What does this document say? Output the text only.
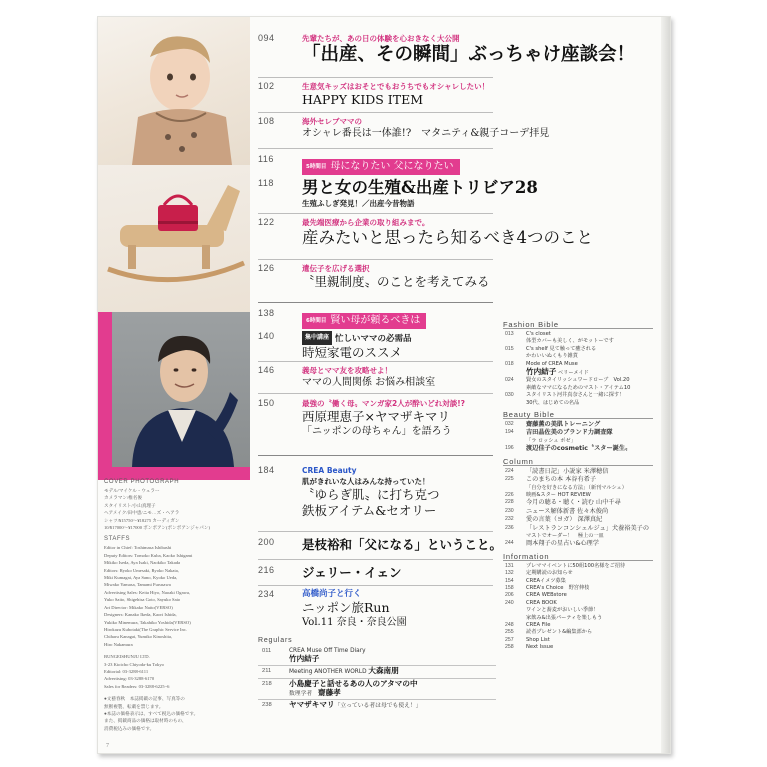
COVER PHOTOGRAPH
モデル/マイケル・ウェラー
カメラマン/椎名俊
スタイリスト/小山真理子
ヘアメイク/田中恵/ニモ…ズ・ヘアラ
シャツ/¥15750〜¥18275 カーディガン
10/¥17000〜¥17000 ポンポアン(ポンポアンジャパン)
STAFFS
Editor in Chief: Toshimasa Ishibashi
Deputy Editors: Tomoko Kuba, Kaoko Ishigami
Mikiko Iseda, Aya Isaki, Naokiko Takada
Editors: Ryoko Umesaki, Ryoko Nakata,
Miki Kumagai, Aya Sano, Kyoko Ueda,
Miwako Yamasa, Tamami Furusawa
Advertising Sales: Keita Hiyo, Naoaki Ogawa,
Yuko Saito, Shigehisa Goto, Sayuko Saio
Art Director: Mikako Naito(VERSO)
Designers: Kanako Ikeda, Kaori Ishida,
Yukiko Minemura, Takahiko Yoshida(VERSO)
Hirokazu Kubotaki(The Graphic Service Inc.
Chiharu Kanagai, Yumiko Kinoshita,
Hiro Nakamura
BUNGEISHUNJU LTD.
3-23 Kioicho Chiyoda-ku Tokyo
Editorial: 03-3288-6111
Advertising: 03-3288-6170
Sales for Readers: 03-3288-6225~6
●文藝春秋　本誌掲載の記事、写真等の
無断複製、転載を禁じます。
●本誌の価格表示は、すべて税込の価格です。
また、掲載商品の価格は取材時のもの、
消費税込みの価格です。
7
094	先輩たちが、あの日の体験を心おきなく大公開
「出産、その瞬間」ぶっちゃけ座談会！
102	生意気キッズはおそとでもおうちでもオシャレしたい！
HAPPY KIDS ITEM
108	海外セレブママの
オシャレ番長は一体誰!?　マタニティ&親子コーデ拝見
116
5時間目 母になりたい 父になりたい
118 男と女の生殖&出産トリビア28
生殖ふしぎ発見！／出産今昔物語
122	最先端医療から企業の取り組みまで。
産みたいと思ったら知るべき4つのこと
126	遺伝子を広げる選択
〝里親制度〟のことを考えてみる
138
6時間目 賢い母が頼るべきは
140	集中講座 忙しいママの必需品
時短家電のススメ
146	義母とママ友を攻略せよ！
ママの人間関係 お悩み相談室
150	最強の〝働く母〟マンガ家2人が酔いどれ対談!?
西原理恵子×ヤマザキマリ
「ニッポンの母ちゃん」を語ろう
184	CREA Beauty
肌がきれいな人はみんな持っていた！
〝ゆらぎ肌〟に打ち克つ
鉄板アイテム&セオリー
200 是枝裕和「父になる」ということ。
216 ジェリー・イェン
234	高橋尚子と行く
ニッポン旅Run
Vol.11 奈良・奈良公園
Regulars
011	CREA Muse Off Time Diary
竹内結子
211	Meeting ANOTHER WORLD 大森南朋
218 小島慶子と話せるあの人のアタマの中
数理学者　齋藤孝
238 ヤマザキマリ「立っている者は母でも使え！」
Fashion Bible
013 C's closet
体型カバーも美しく、がモットーです
015 C's shelf 見て触って癒される
かわいいぬくもり雑貨
018 Mode of CREA Muse
竹内結子 ベリーメイド
024 賢女のスタイリッシュワードローブ　Vol.20
素敵なママになるためのマスト・アイテム10
030 スタイリスト河井真奈さんと一緒に探す！
30代、はじめての名品
Beauty Bible
032 齋藤薫の美肌トレーニング
194 吉田晶佐美のブランド力調査隊
「ラ ロッシュ ポゼ」
196 渡辺佳子のcosmetic〝スター誕生〟
Column
224 「読書日記」小説家 米澤穂信
225 このまちの本 本谷有希子
「自分を好きになる方法」（新刊マルシェ）
226 映画&スター HOT REVIEW
228 今月の聴る・聴く・読む 山中千尋
230 ニュース解体新書 佐々木俊尚
232 愛の言葉（ヨガ） 深澤真紀
236 「レストランコンシェルジュ」犬養裕美子の
マストでオーダー！　極上の一皿
244 岡本翔子の星占い&心理学
Information
131 プレママイベントに50組100名様をご招待
132 定期購読のお知らせ
154 CREAイメツ募集
158 CREA's Choice　野宮伸枝
206 CREA WEBstore
240 CREA BOOK
ワインと蕎麦がおいしい季節！
家飲み&出張パーティを楽しもう
248 CREA File
255 読者プレゼント&編集部から
257 Shop List
258 Next Issue
